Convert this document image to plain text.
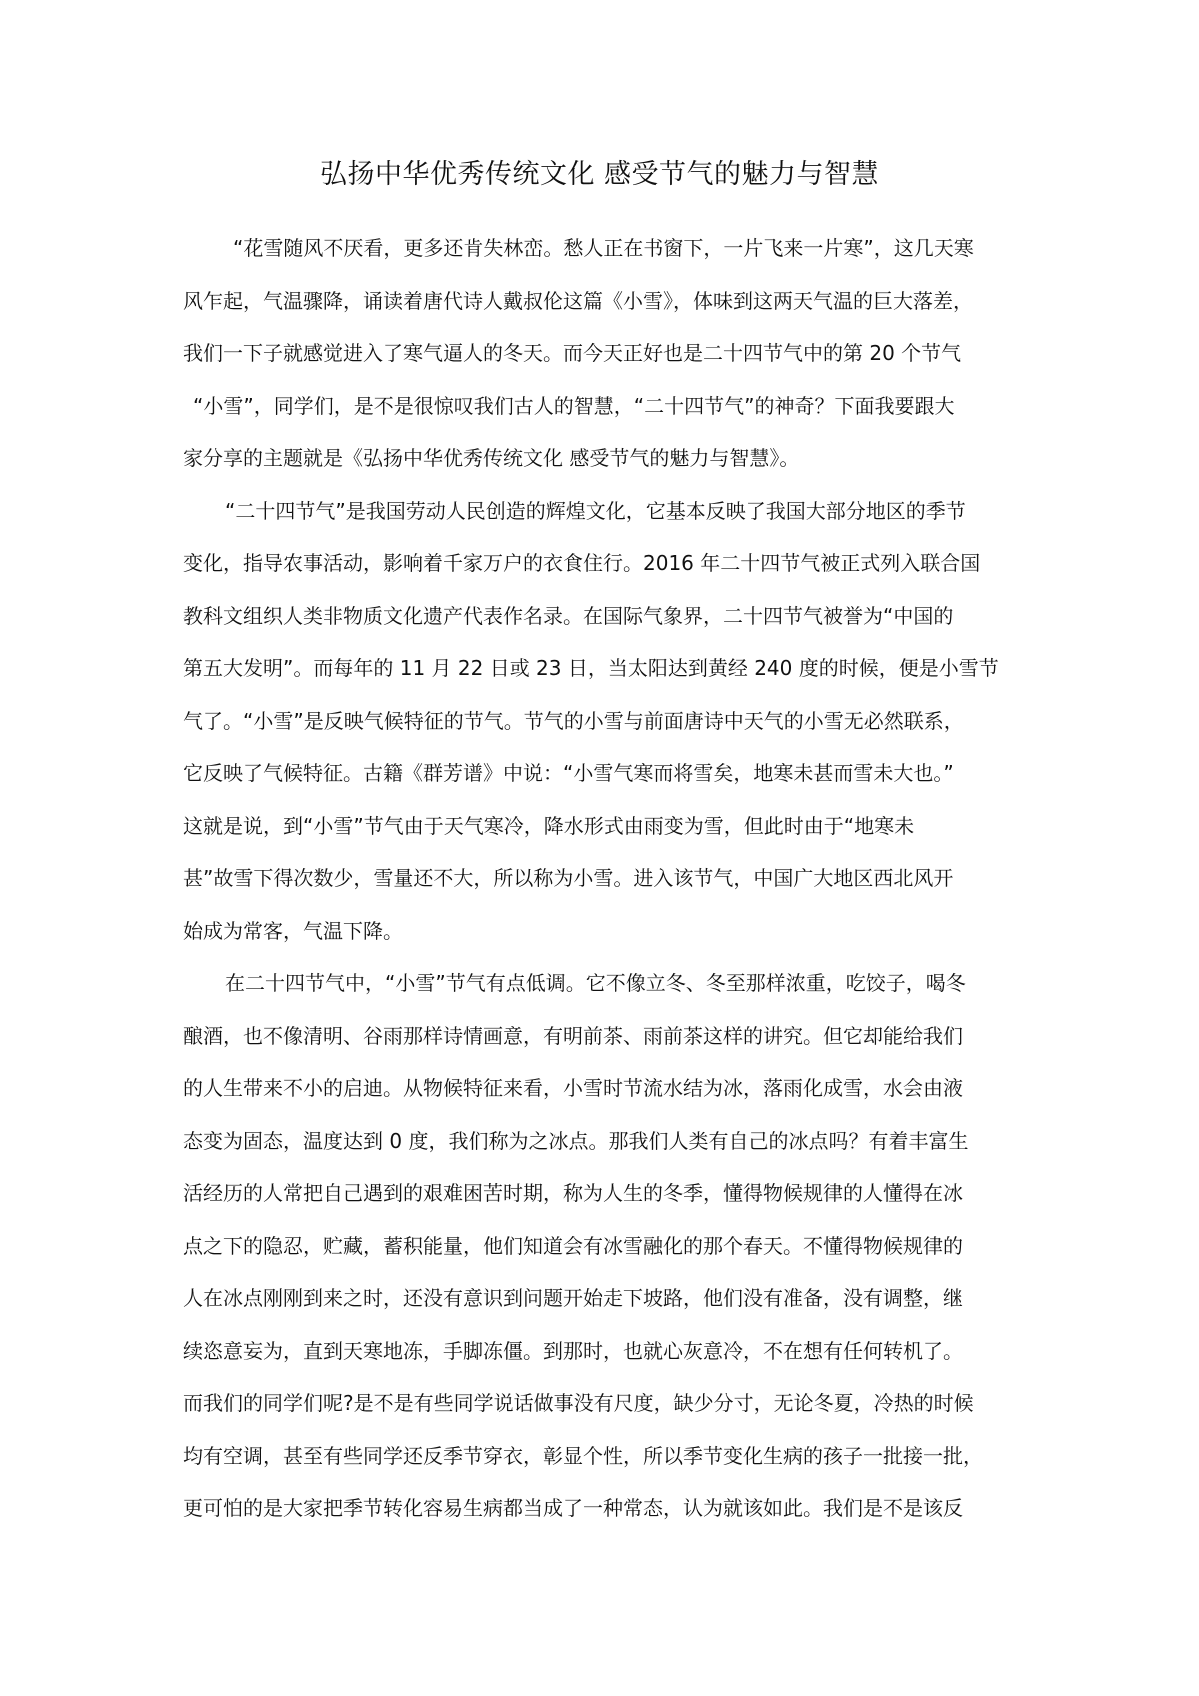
弘扬中华优秀传统文化 感受节气的魅力与智慧
“花雪随风不厌看，更多还肯失林峦。愁人正在书窗下，一片飞来一片寒”，这几天寒
风乍起，气温骤降，诵读着唐代诗人戴叔伦这篇《小雪》，体味到这两天气温的巨大落差，
我们一下子就感觉进入了寒气逼人的冬天。而今天正好也是二十四节气中的第 20 个节气
“小雪”，同学们，是不是很惊叹我们古人的智慧，“二十四节气”的神奇？下面我要跟大
家分享的主题就是《弘扬中华优秀传统文化 感受节气的魅力与智慧》。
“二十四节气”是我国劳动人民创造的辉煌文化，它基本反映了我国大部分地区的季节
变化，指导农事活动，影响着千家万户的衣食住行。2016 年二十四节气被正式列入联合国
教科文组织人类非物质文化遗产代表作名录。在国际气象界，二十四节气被誉为“中国的
第五大发明”。而每年的 11 月 22 日或 23 日，当太阳达到黄经 240 度的时候，便是小雪节
气了。“小雪”是反映气候特征的节气。节气的小雪与前面唐诗中天气的小雪无必然联系，
它反映了气候特征。古籍《群芳谱》中说：“小雪气寒而将雪矣，地寒未甚而雪未大也。”
这就是说，到“小雪”节气由于天气寒冷，降水形式由雨变为雪，但此时由于“地寒未
甚”故雪下得次数少，雪量还不大，所以称为小雪。进入该节气，中国广大地区西北风开
始成为常客，气温下降。
在二十四节气中，“小雪”节气有点低调。它不像立冬、冬至那样浓重，吃饺子，喝冬
酿酒，也不像清明、谷雨那样诗情画意，有明前茶、雨前茶这样的讲究。但它却能给我们
的人生带来不小的启迪。从物候特征来看，小雪时节流水结为冰，落雨化成雪，水会由液
态变为固态，温度达到 0 度，我们称为之冰点。那我们人类有自己的冰点吗？有着丰富生
活经历的人常把自己遇到的艰难困苦时期，称为人生的冬季，懂得物候规律的人懂得在冰
点之下的隐忍，贮藏，蓄积能量，他们知道会有冰雪融化的那个春天。不懂得物候规律的
人在冰点刚刚到来之时，还没有意识到问题开始走下坡路，他们没有准备，没有调整，继
续恣意妄为，直到天寒地冻，手脚冻僵。到那时，也就心灰意冷，不在想有任何转机了。
而我们的同学们呢?是不是有些同学说话做事没有尺度，缺少分寸，无论冬夏，冷热的时候
均有空调，甚至有些同学还反季节穿衣，彰显个性，所以季节变化生病的孩子一批接一批，
更可怕的是大家把季节转化容易生病都当成了一种常态，认为就该如此。我们是不是该反
